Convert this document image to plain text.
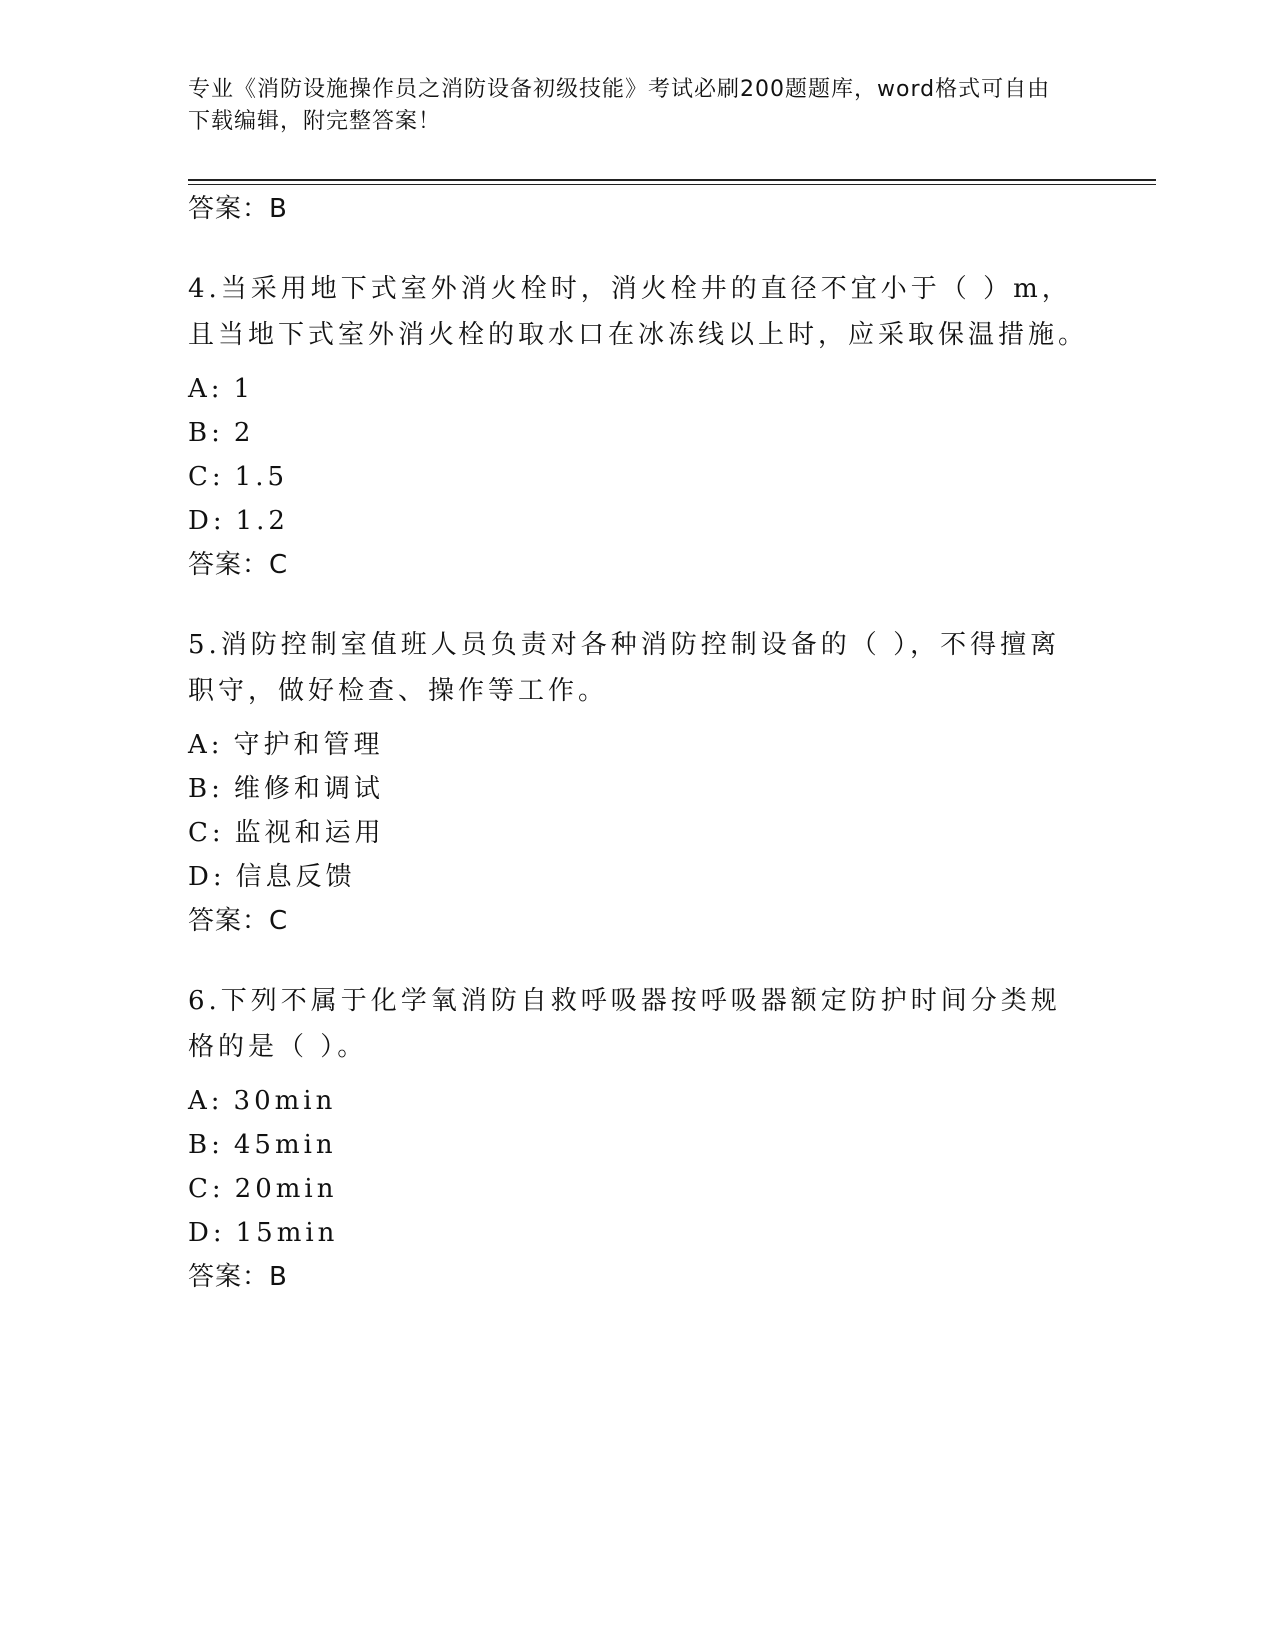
专业《消防设施操作员之消防设备初级技能》考试必刷200题题库，word格式可自由下载编辑，附完整答案！
答案：B
4.当采用地下式室外消火栓时，消火栓井的直径不宜小于（ ）m，且当地下式室外消火栓的取水口在冰冻线以上时，应采取保温措施。
A: 1
B: 2
C: 1.5
D: 1.2
答案：C
5.消防控制室值班人员负责对各种消防控制设备的（ ），不得擅离职守，做好检查、操作等工作。
A: 守护和管理
B: 维修和调试
C: 监视和运用
D: 信息反馈
答案：C
6.下列不属于化学氧消防自救呼吸器按呼吸器额定防护时间分类规格的是（ ）。
A: 30min
B: 45min
C: 20min
D: 15min
答案：B
